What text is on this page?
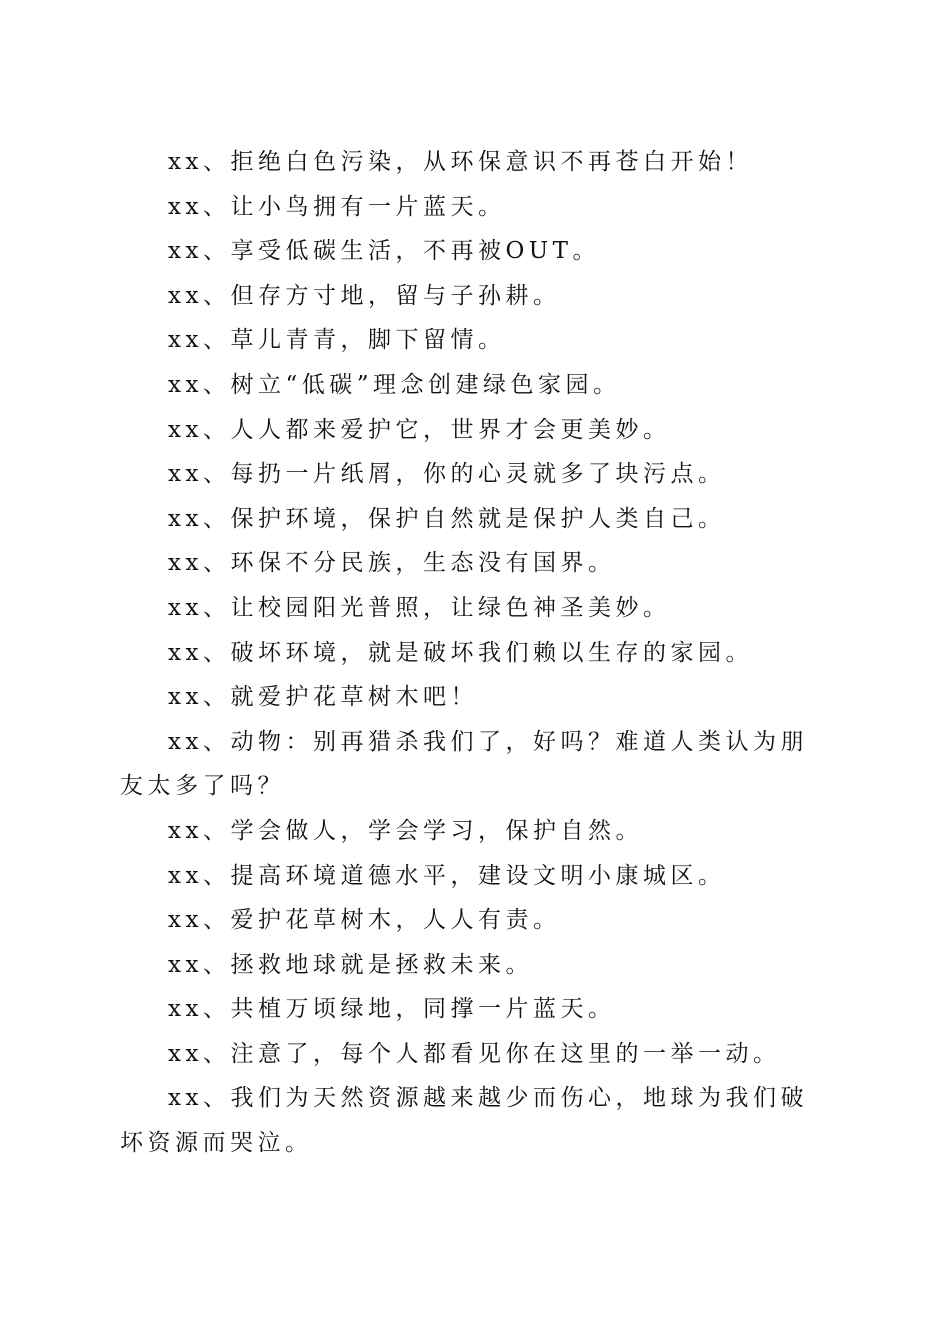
xx、拒绝白色污染，从环保意识不再苍白开始！

xx、让小鸟拥有一片蓝天。

xx、享受低碳生活，不再被OUT。

xx、但存方寸地，留与子孙耕。

xx、草儿青青，脚下留情。

xx、树立“低碳”理念创建绿色家园。

xx、人人都来爱护它，世界才会更美妙。

xx、每扔一片纸屑，你的心灵就多了块污点。

xx、保护环境，保护自然就是保护人类自己。

xx、环保不分民族，生态没有国界。

xx、让校园阳光普照，让绿色神圣美妙。

xx、破坏环境，就是破坏我们赖以生存的家园。

xx、就爱护花草树木吧！

xx、动物：别再猎杀我们了，好吗？难道人类认为朋友太多了吗？

xx、学会做人，学会学习，保护自然。

xx、提高环境道德水平，建设文明小康城区。

xx、爱护花草树木，人人有责。

xx、拯救地球就是拯救未来。

xx、共植万顷绿地，同撑一片蓝天。

xx、注意了，每个人都看见你在这里的一举一动。

xx、我们为天然资源越来越少而伤心，地球为我们破坏资源而哭泣。
